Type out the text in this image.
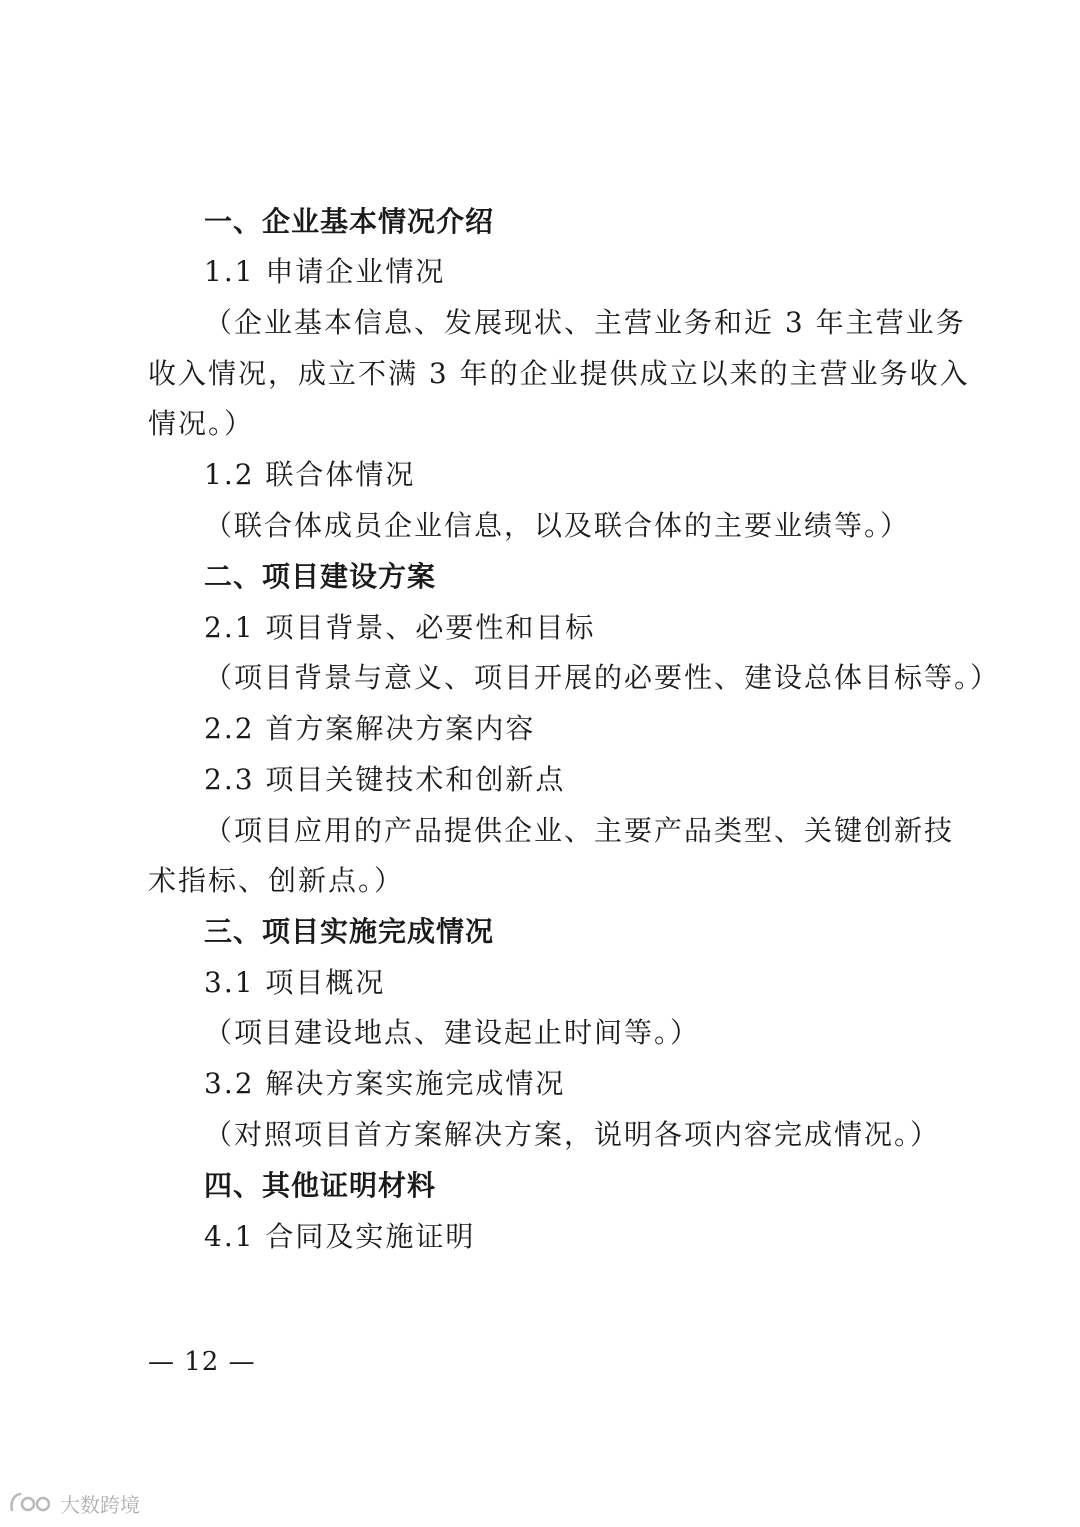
一、企业基本情况介绍
1.1 申请企业情况
（企业基本信息、发展现状、主营业务和近 3 年主营业务
收入情况，成立不满 3 年的企业提供成立以来的主营业务收入
情况。）
1.2 联合体情况
（联合体成员企业信息，以及联合体的主要业绩等。）
二、项目建设方案
2.1 项目背景、必要性和目标
（项目背景与意义、项目开展的必要性、建设总体目标等。）
2.2 首方案解决方案内容
2.3 项目关键技术和创新点
（项目应用的产品提供企业、主要产品类型、关键创新技
术指标、创新点。）
三、项目实施完成情况
3.1 项目概况
（项目建设地点、建设起止时间等。）
3.2 解决方案实施完成情况
（对照项目首方案解决方案，说明各项内容完成情况。）
四、其他证明材料
4.1 合同及实施证明
— 12 —
大数跨境
